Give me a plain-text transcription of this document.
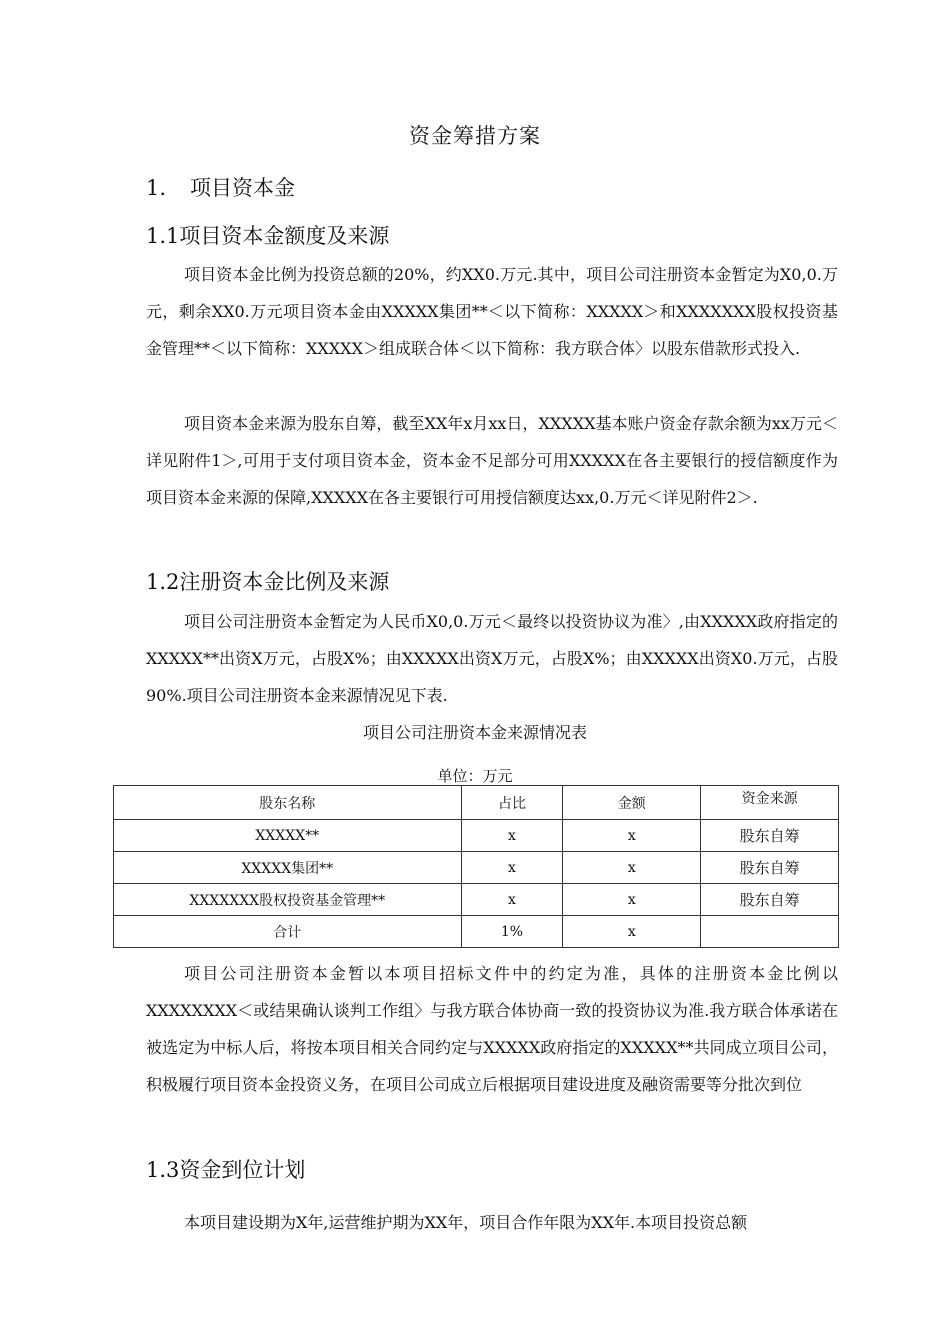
资金筹措方案
1. 项目资本金
1.1项目资本金额度及来源

项目资本金比例为投资总额的20%，约XX0.万元.其中，项目公司注册资本金暂定为X0,0.万元，剩余XX0.万元项目资本金由XXXXX集团**＜以下简称：XXXXX＞和XXXXXXX股权投资基金管理**＜以下简称：XXXXX＞组成联合体＜以下简称：我方联合体〉以股东借款形式投入.

项目资本金来源为股东自筹，截至XX年x月xx日，XXXXX基本账户资金存款余额为xx万元＜详见附件1＞,可用于支付项目资本金，资本金不足部分可用XXXXX在各主要银行的授信额度作为项目资本金来源的保障,XXXXX在各主要银行可用授信额度达xx,0.万元＜详见附件2＞.

1.2注册资本金比例及来源

项目公司注册资本金暂定为人民币X0,0.万元＜最终以投资协议为准〉,由XXXXX政府指定的XXXXX**出资X万元，占股X%；由XXXXX出资X万元，占股X%；由XXXXX出资X0.万元，占股90%.项目公司注册资本金来源情况见下表.

项目公司注册资本金来源情况表
单位：万元
股东名称	占比	金额	资金来源
XXXXX**	x	x	股东自筹
XXXXX集团**	x	x	股东自筹
XXXXXXX股权投资基金管理**	x	x	股东自筹
合计	1%	x	

项目公司注册资本金暂以本项目招标文件中的约定为准，具体的注册资本金比例以XXXXXXXX＜或结果确认谈判工作组〉与我方联合体协商一致的投资协议为准.我方联合体承诺在被选定为中标人后，将按本项目相关合同约定与XXXXX政府指定的XXXXX**共同成立项目公司，积极履行项目资本金投资义务，在项目公司成立后根据项目建设进度及融资需要等分批次到位

1.3资金到位计划

本项目建设期为X年,运营维护期为XX年，项目合作年限为XX年.本项目投资总额
